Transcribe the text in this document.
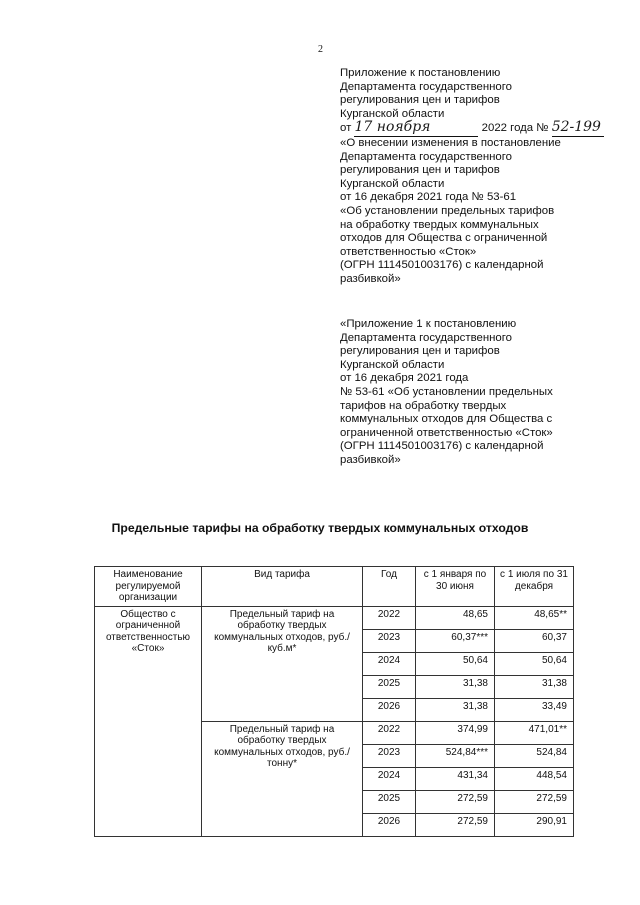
2
Приложение к постановлению
Департамента государственного
регулирования цен и тарифов
Курганской области
от 17 ноября	2022 года № 52-199
«О внесении изменения в постановление
Департамента государственного
регулирования цен и тарифов
Курганской области
от 16 декабря 2021 года № 53-61
«Об установлении предельных тарифов
на обработку твердых коммунальных
отходов для Общества с ограниченной
ответственностью «Сток»
(ОГРН 1114501003176) с календарной
разбивкой»
«Приложение 1 к постановлению
Департамента государственного
регулирования цен и тарифов
Курганской области
от 16 декабря 2021 года
№ 53-61 «Об установлении предельных
тарифов на обработку твердых
коммунальных отходов для Общества с
ограниченной ответственностью «Сток»
(ОГРН 1114501003176) с календарной
разбивкой»
Предельные тарифы на обработку твердых коммунальных отходов
Наименование регулируемой организации	Вид тарифа	Год	с 1 января по 30 июня	с 1 июля по 31 декабря
Общество с ограниченной ответственностью «Сток»	Предельный тариф на обработку твердых коммунальных отходов, руб./куб.м*	2022	48,65	48,65**
		2023	60,37***	60,37
		2024	50,64	50,64
		2025	31,38	31,38
		2026	31,38	33,49
	Предельный тариф на обработку твердых коммунальных отходов, руб./тонну*	2022	374,99	471,01**
		2023	524,84***	524,84
		2024	431,34	448,54
		2025	272,59	272,59
		2026	272,59	290,91
